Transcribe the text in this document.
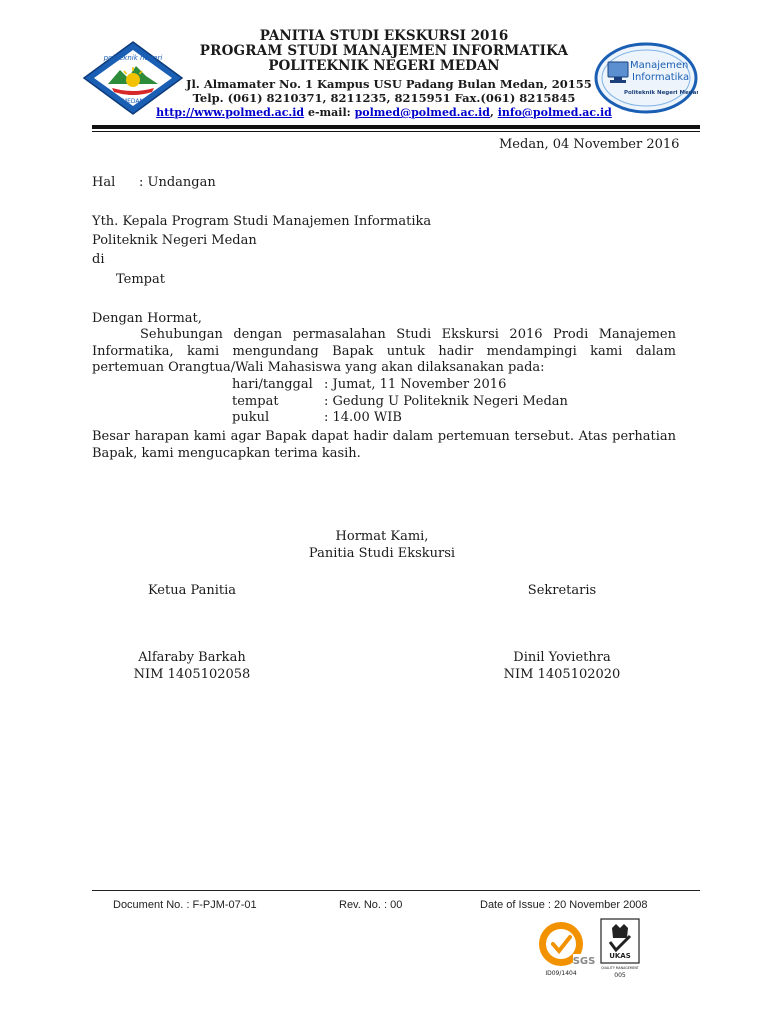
politeknik negeri
MEDAN
PANITIA STUDI EKSKURSI 2016
PROGRAM STUDI MANAJEMEN INFORMATIKA
POLITEKNIK NEGERI MEDAN
Jl. Almamater No. 1 Kampus USU Padang Bulan Medan, 20155
Telp. (061) 8210371, 8211235, 8215951 Fax.(061) 8215845
http://www.polmed.ac.id e-mail: polmed@polmed.ac.id, info@polmed.ac.id
Manajemen
Informatika
Politeknik Negeri Medan
Medan, 04 November 2016
Hal : Undangan
Yth. Kepala Program Studi Manajemen Informatika
Politeknik Negeri Medan
di
Tempat
Dengan Hormat,

Sehubungan dengan permasalahan Studi Ekskursi 2016 Prodi Manajemen Informatika, kami mengundang Bapak untuk hadir mendampingi kami dalam pertemuan Orangtua/Wali Mahasiswa yang akan dilaksanakan pada:

hari/tanggal : Jumat, 11 November 2016
tempat	: Gedung U Politeknik Negeri Medan
pukul	: 14.00 WIB

Besar harapan kami agar Bapak dapat hadir dalam pertemuan tersebut. Atas perhatian Bapak, kami mengucapkan terima kasih.

Hormat Kami,
Panitia Studi Ekskursi
Ketua Panitia
Alfaraby Barkah
NIM 1405102058
Sekretaris
Dinil Yoviethra
NIM 1405102020
Document No. : F-PJM-07-01	Rev. No. : 00	Date of Issue : 20 November 2008
SGS
ID09/1404
UKAS
QUALITY MANAGEMENT
005
